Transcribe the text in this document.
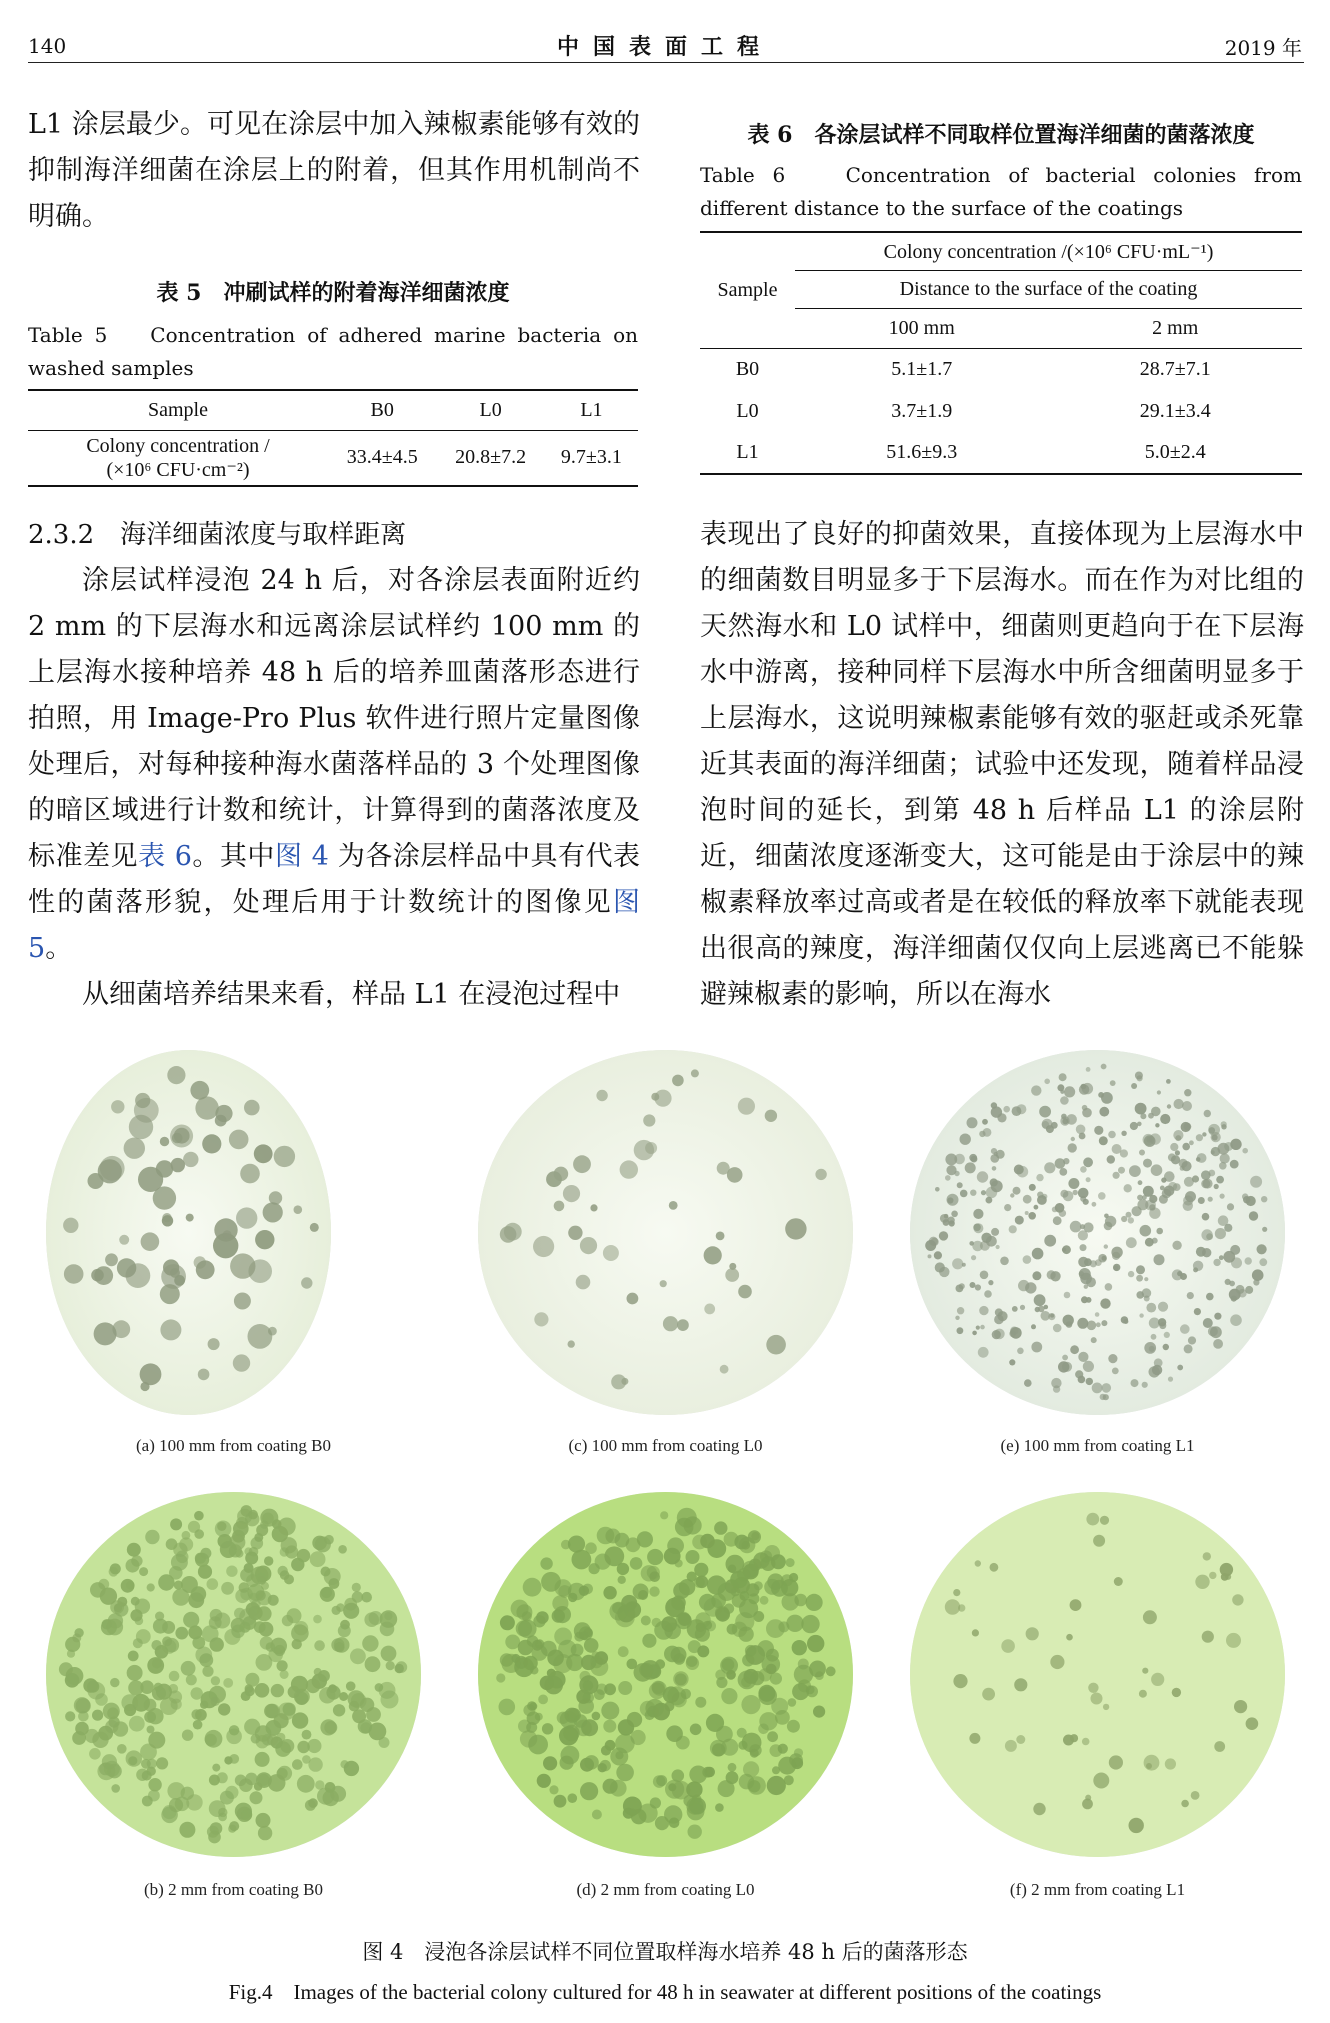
140	中国表面工程	2019 年

L1 涂层最少。可见在涂层中加入辣椒素能够有效的抑制海洋细菌在涂层上的附着，但其作用机制尚不明确。

表 5　冲刷试样的附着海洋细菌浓度
Table 5　 Concentration of adhered marine bacteria on washed samples
Sample	B0	L0	L1

Colony concentration /
(×10⁶ CFU·cm⁻²)	33.4±4.5	20.8±7.2	9.7±3.1

2.3.2　海洋细菌浓度与取样距离

涂层试样浸泡 24 h 后，对各涂层表面附近约 2 mm 的下层海水和远离涂层试样约 100 mm 的上层海水接种培养 48 h 后的培养皿菌落形态进行拍照，用 Image-Pro Plus 软件进行照片定量图像处理后，对每种接种海水菌落样品的 3 个处理图像的暗区域进行计数和统计，计算得到的菌落浓度及标准差见表 6。其中图 4 为各涂层样品中具有代表性的菌落形貌，处理后用于计数统计的图像见图 5。

从细菌培养结果来看，样品 L1 在浸泡过程中

表 6　各涂层试样不同取样位置海洋细菌的菌落浓度
Table 6　 Concentration of bacterial colonies from different distance to the surface of the coatings
Sample	Colony concentration /(×10⁶ CFU·mL⁻¹)	
	Distance to the surface of the coating	
	100 mm	2 mm
B0	5.1±1.7	28.7±7.1
L0	3.7±1.9	29.1±3.4
L1	51.6±9.3	5.0±2.4

表现出了良好的抑菌效果，直接体现为上层海水中的细菌数目明显多于下层海水。而在作为对比组的天然海水和 L0 试样中，细菌则更趋向于在下层海水中游离，接种同样下层海水中所含细菌明显多于上层海水，这说明辣椒素能够有效的驱赶或杀死靠近其表面的海洋细菌；试验中还发现，随着样品浸泡时间的延长，到第 48 h 后样品 L1 的涂层附近，细菌浓度逐渐变大，这可能是由于涂层中的辣椒素释放率过高或者是在较低的释放率下就能表现出很高的辣度，海洋细菌仅仅向上层逃离已不能躲避辣椒素的影响，所以在海水

(a) 100 mm from coating B0	(c) 100 mm from coating L0	(e) 100 mm from coating L1
(b) 2 mm from coating B0	(d) 2 mm from coating L0	(f) 2 mm from coating L1
图 4　浸泡各涂层试样不同位置取样海水培养 48 h 后的菌落形态
Fig.4　Images of the bacterial colony cultured for 48 h in seawater at different positions of the coatings
